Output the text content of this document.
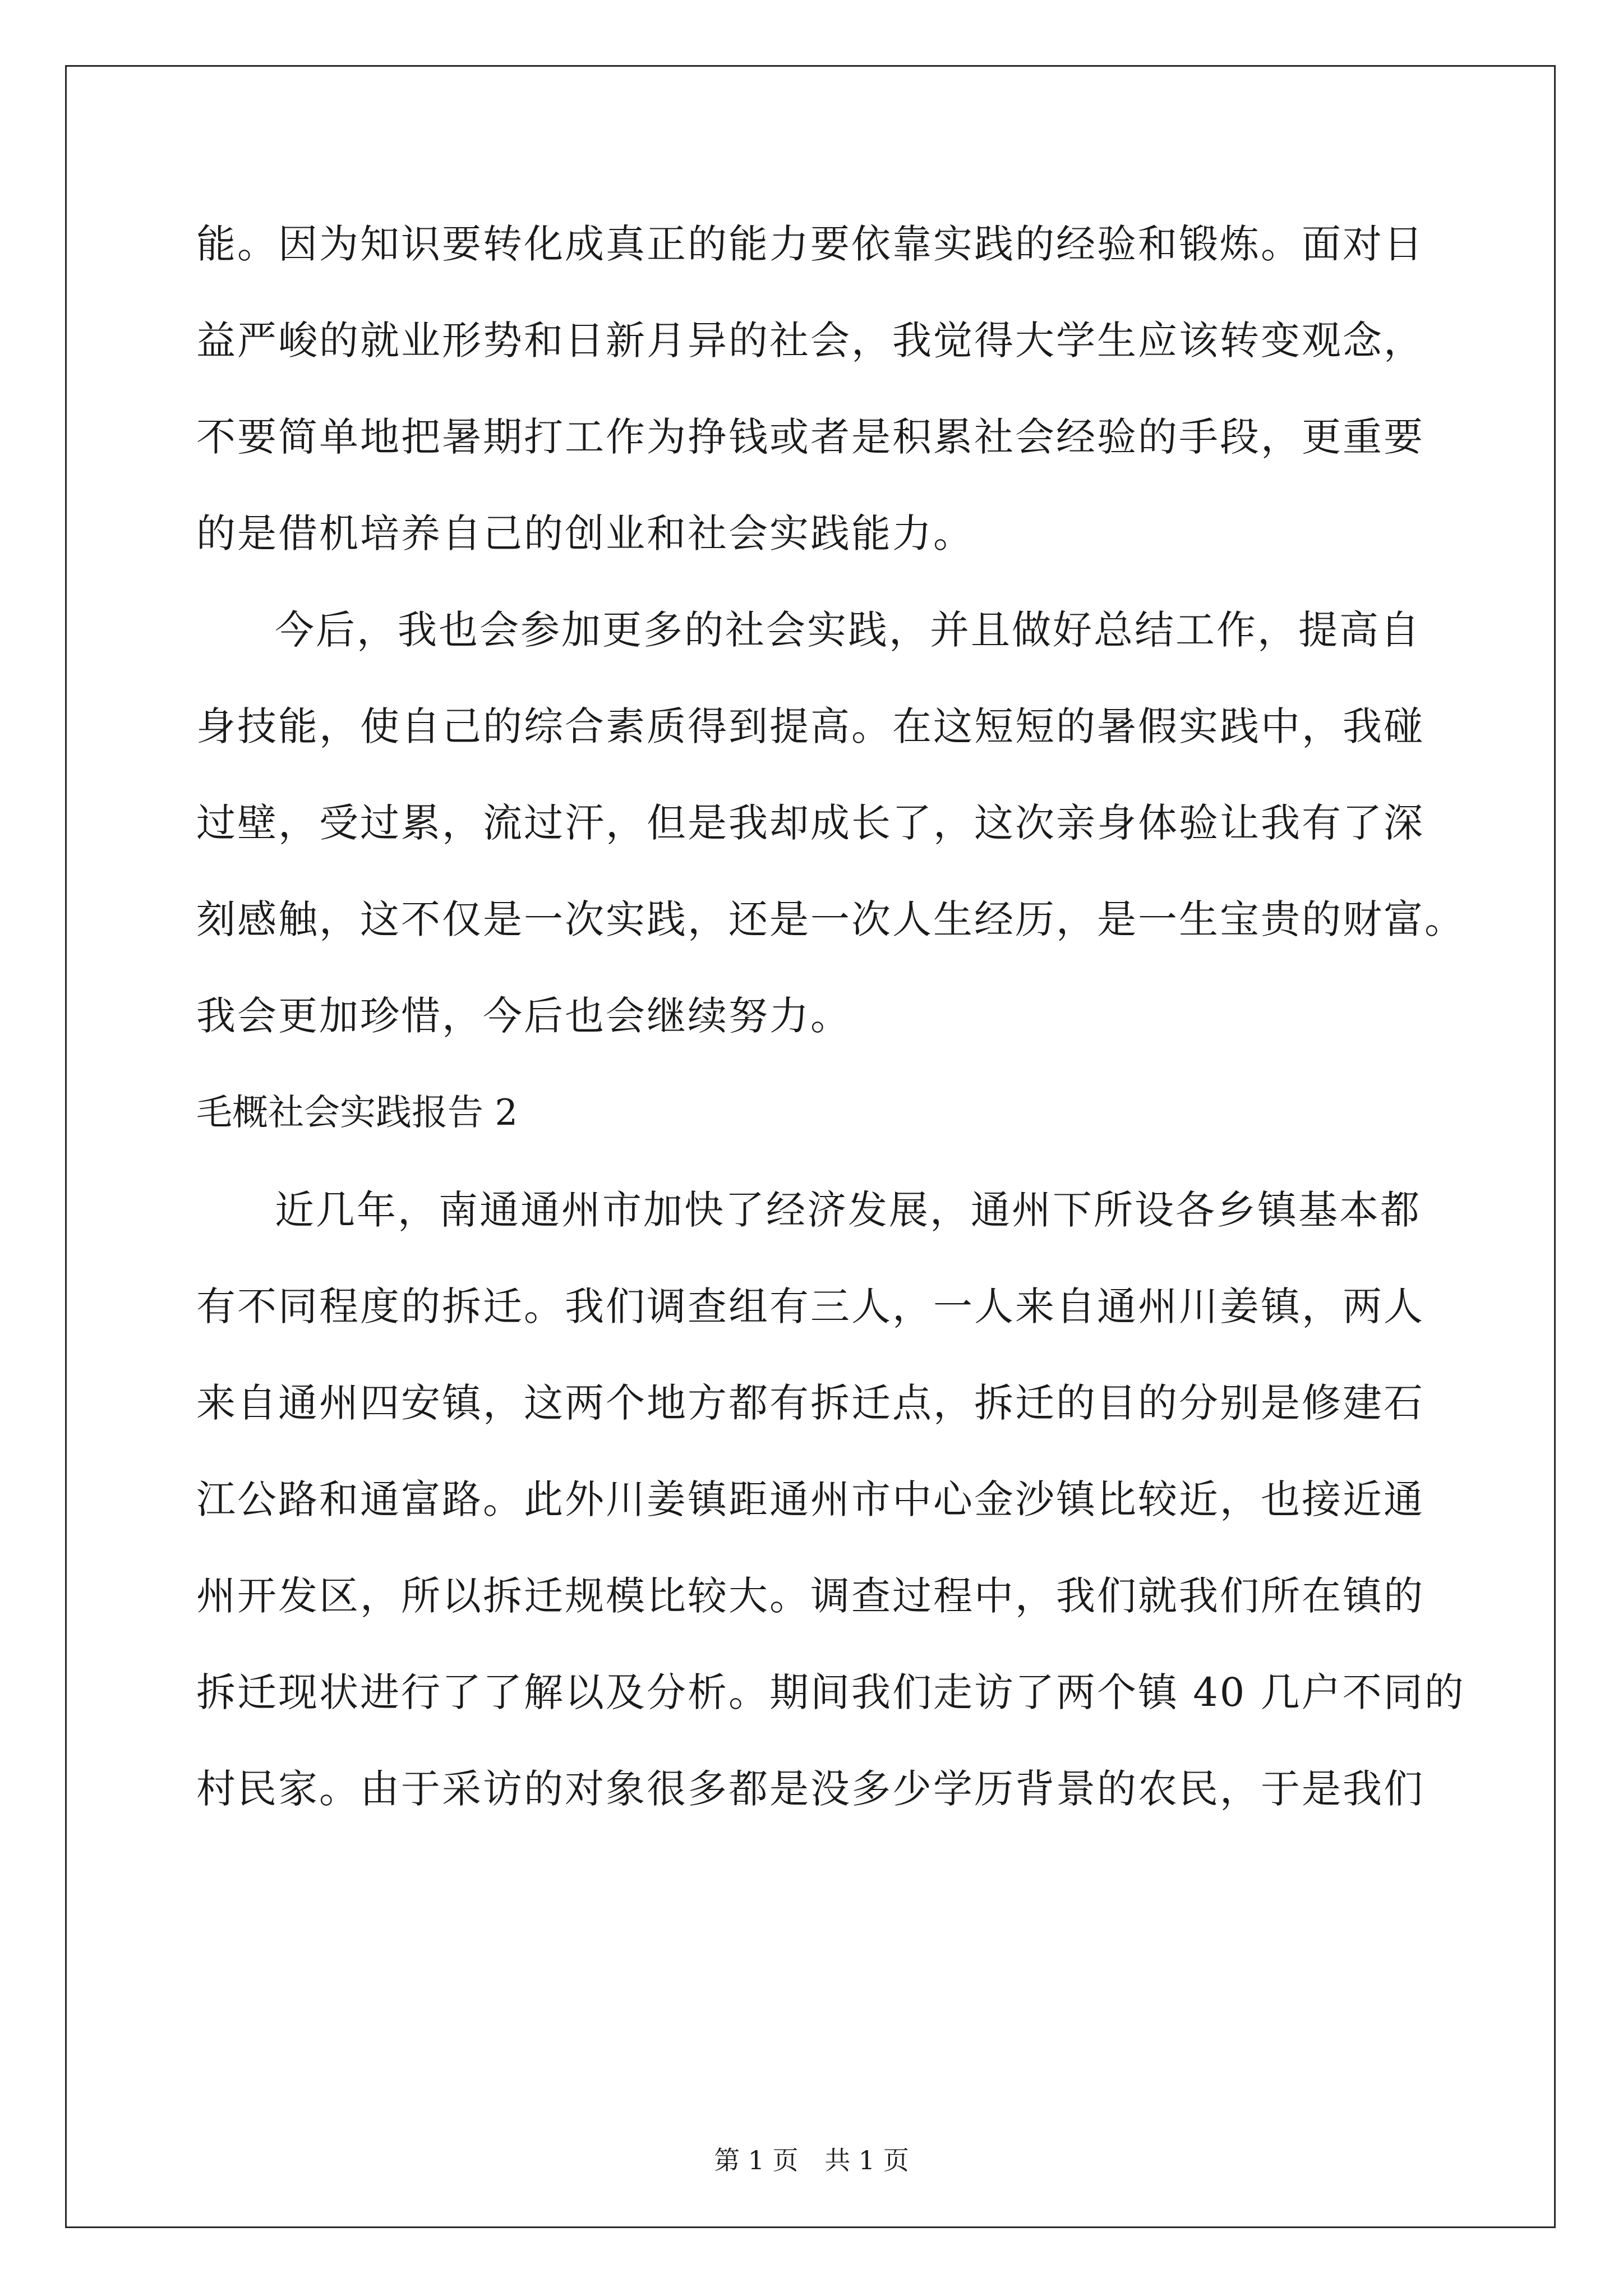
能。因为知识要转化成真正的能力要依靠实践的经验和锻炼。面对日
益严峻的就业形势和日新月异的社会，我觉得大学生应该转变观念，
不要简单地把暑期打工作为挣钱或者是积累社会经验的手段，更重要
的是借机培养自己的创业和社会实践能力。
今后，我也会参加更多的社会实践，并且做好总结工作，提高自
身技能，使自己的综合素质得到提高。在这短短的暑假实践中，我碰
过壁，受过累，流过汗，但是我却成长了，这次亲身体验让我有了深
刻感触，这不仅是一次实践，还是一次人生经历，是一生宝贵的财富。
我会更加珍惜，今后也会继续努力。
毛概社会实践报告 2
近几年，南通通州市加快了经济发展，通州下所设各乡镇基本都
有不同程度的拆迁。我们调查组有三人，一人来自通州川姜镇，两人
来自通州四安镇，这两个地方都有拆迁点，拆迁的目的分别是修建石
江公路和通富路。此外川姜镇距通州市中心金沙镇比较近，也接近通
州开发区，所以拆迁规模比较大。调查过程中，我们就我们所在镇的
拆迁现状进行了了解以及分析。期间我们走访了两个镇 40 几户不同的
村民家。由于采访的对象很多都是没多少学历背景的农民，于是我们
第 1 页 共 1 页
